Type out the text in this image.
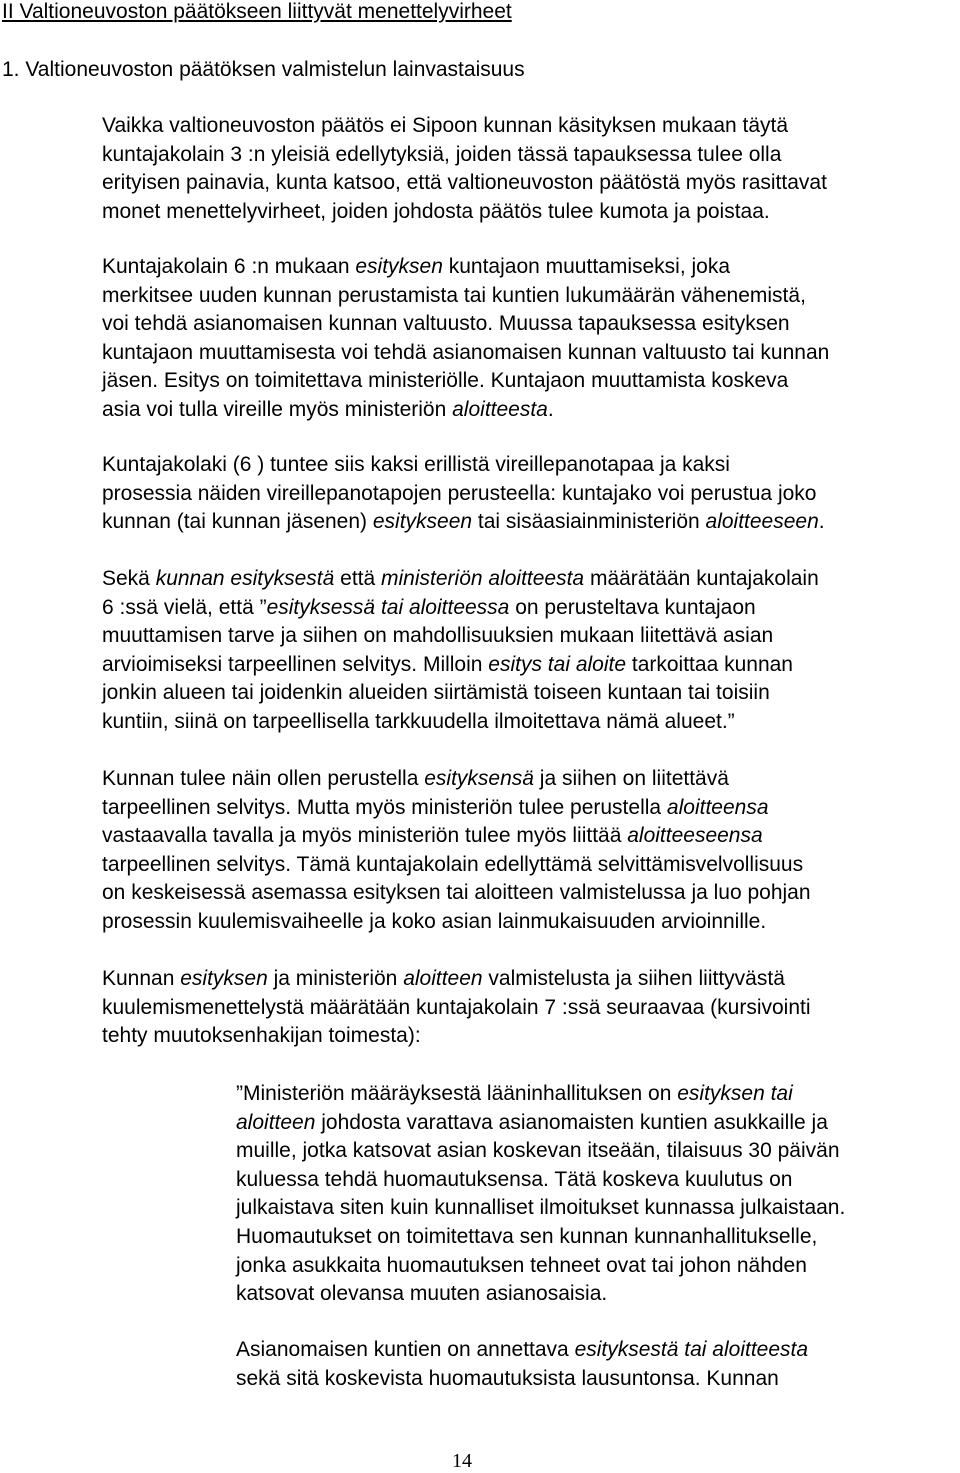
II Valtioneuvoston päätökseen liittyvät menettelyvirheet
1. Valtioneuvoston päätöksen valmistelun lainvastaisuus
Vaikka valtioneuvoston päätös ei Sipoon kunnan käsityksen mukaan täytä
kuntajakolain 3 :n yleisiä edellytyksiä, joiden tässä tapauksessa tulee olla
erityisen painavia, kunta katsoo, että valtioneuvoston päätöstä myös rasittavat
monet menettelyvirheet, joiden johdosta päätös tulee kumota ja poistaa.
Kuntajakolain 6 :n mukaan esityksen kuntajaon muuttamiseksi, joka
merkitsee uuden kunnan perustamista tai kuntien lukumäärän vähenemistä,
voi tehdä asianomaisen kunnan valtuusto. Muussa tapauksessa esityksen
kuntajaon muuttamisesta voi tehdä asianomaisen kunnan valtuusto tai kunnan
jäsen. Esitys on toimitettava ministeriölle. Kuntajaon muuttamista koskeva
asia voi tulla vireille myös ministeriön aloitteesta.
Kuntajakolaki (6 ) tuntee siis kaksi erillistä vireillepanotapaa ja kaksi
prosessia näiden vireillepanotapojen perusteella: kuntajako voi perustua joko
kunnan (tai kunnan jäsenen) esitykseen tai sisäasiainministeriön aloitteeseen.
Sekä kunnan esityksestä että ministeriön aloitteesta määrätään kuntajakolain
6 :ssä vielä, että ”esityksessä tai aloitteessa on perusteltava kuntajaon
muuttamisen tarve ja siihen on mahdollisuuksien mukaan liitettävä asian
arvioimiseksi tarpeellinen selvitys. Milloin esitys tai aloite tarkoittaa kunnan
jonkin alueen tai joidenkin alueiden siirtämistä toiseen kuntaan tai toisiin
kuntiin, siinä on tarpeellisella tarkkuudella ilmoitettava nämä alueet.”
Kunnan tulee näin ollen perustella esityksensä ja siihen on liitettävä
tarpeellinen selvitys. Mutta myös ministeriön tulee perustella aloitteensa
vastaavalla tavalla ja myös ministeriön tulee myös liittää aloitteeseensa
tarpeellinen selvitys. Tämä kuntajakolain edellyttämä selvittämisvelvollisuus
on keskeisessä asemassa esityksen tai aloitteen valmistelussa ja luo pohjan
prosessin kuulemisvaiheelle ja koko asian lainmukaisuuden arvioinnille.
Kunnan esityksen ja ministeriön aloitteen valmistelusta ja siihen liittyvästä
kuulemismenettelystä määrätään kuntajakolain 7 :ssä seuraavaa (kursivointi
tehty muutoksenhakijan toimesta):
”Ministeriön määräyksestä lääninhallituksen on esityksen tai
aloitteen johdosta varattava asianomaisten kuntien asukkaille ja
muille, jotka katsovat asian koskevan itseään, tilaisuus 30 päivän
kuluessa tehdä huomautuksensa. Tätä koskeva kuulutus on
julkaistava siten kuin kunnalliset ilmoitukset kunnassa julkaistaan.
Huomautukset on toimitettava sen kunnan kunnanhallitukselle,
jonka asukkaita huomautuksen tehneet ovat tai johon nähden
katsovat olevansa muuten asianosaisia.
Asianomaisen kuntien on annettava esityksestä tai aloitteesta
sekä sitä koskevista huomautuksista lausuntonsa. Kunnan
14
